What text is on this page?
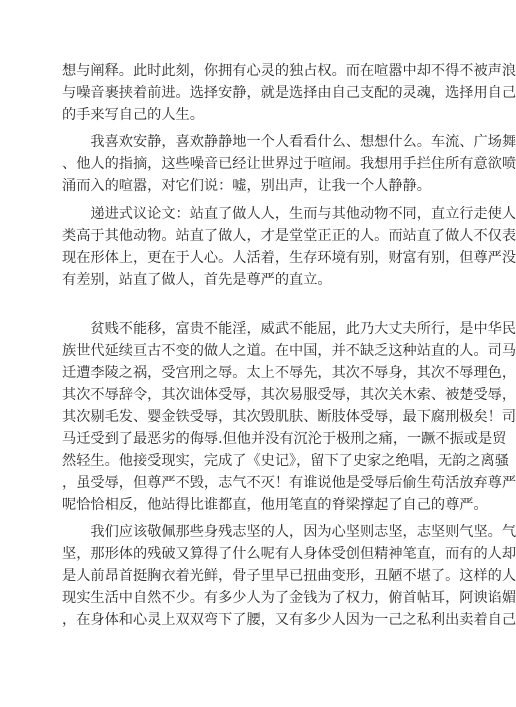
想与阐释。此时此刻，你拥有心灵的独占权。而在喧嚣中却不得不被声浪
与噪音裹挟着前进。选择安静，就是选择由自己支配的灵魂，选择用自己
的手来写自己的人生。
　　我喜欢安静，喜欢静静地一个人看看什么、想想什么。车流、广场舞
、他人的指摘，这些噪音已经让世界过于喧闹。我想用手拦住所有意欲喷
涌而入的喧嚣，对它们说：嘘，别出声，让我一个人静静。
　　递进式议论文：站直了做人人，生而与其他动物不同，直立行走使人
类高于其他动物。站直了做人，才是堂堂正正的人。而站直了做人不仅表
现在形体上，更在于人心。人活着，生存环境有别，财富有别，但尊严没
有差别，站直了做人，首先是尊严的直立。
　　贫贱不能移，富贵不能淫，威武不能屈，此乃大丈夫所行，是中华民
族世代延续亘古不变的做人之道。在中国，并不缺乏这种站直的人。司马
迁遭李陵之祸，受宫刑之辱。太上不辱先，其次不辱身，其次不辱理色，
其次不辱辞令，其次诎体受辱，其次易服受辱，其次关木索、被楚受辱，
其次剔毛发、婴金铁受辱，其次毁肌肤、断肢体受辱，最下腐刑极矣！司
马迁受到了最恶劣的侮辱.但他并没有沉沦于极刑之痛，一蹶不振或是贸
然轻生。他接受现实，完成了《史记》，留下了史家之绝唱，无韵之离骚
，虽受辱，但尊严不毁，志气不灭！有谁说他是受辱后偷生苟活放弃尊严
呢恰恰相反，他站得比谁都直，他用笔直的脊梁撑起了自己的尊严。
　　我们应该敬佩那些身残志坚的人，因为心坚则志坚，志坚则气坚。气
坚，那形体的残破又算得了什么呢有人身体受创但精神笔直，而有的人却
是人前昂首挺胸衣着光鲜，骨子里早已扭曲变形，丑陋不堪了。这样的人
现实生活中自然不少。有多少人为了金钱为了权力，俯首帖耳，阿谀谄媚
，在身体和心灵上双双弯下了腰，又有多少人因为一己之私利出卖着自己
